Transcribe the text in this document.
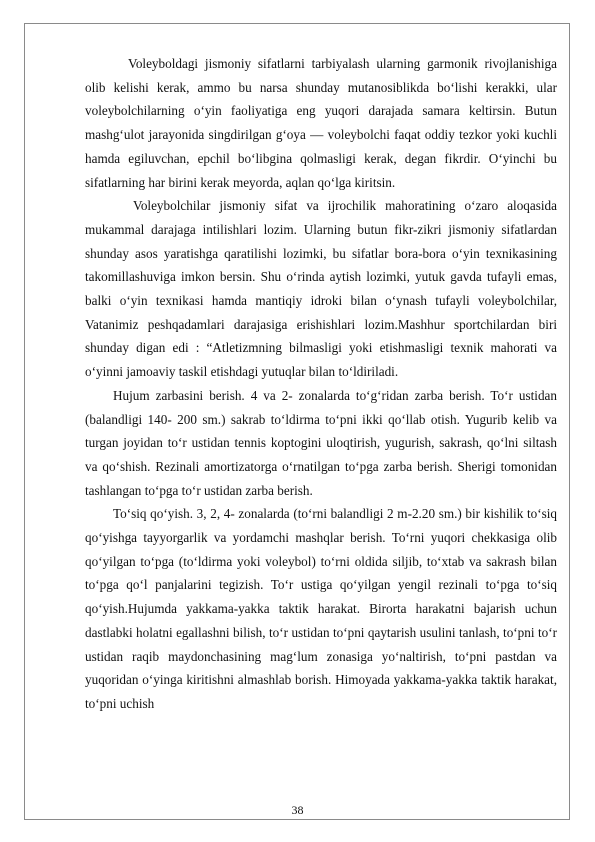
Voleyboldagi jismoniy sifatlarni tarbiyalash ularning garmonik rivojlanishiga olib kelishi kerak, ammo bu narsa shunday mutanosiblikda bo‘lishi kerakki, ular voleybolchilarning o‘yin faoliyatiga eng yuqori darajada samara keltirsin. Butun mashg‘ulot jarayonida singdirilgan g‘oya — voleybolchi faqat oddiy tezkor yoki kuchli hamda egiluvchan, epchil bo‘libgina qolmasligi kerak, degan fikrdir. O‘yinchi bu sifatlarning har birini kerak meyorda, aqlan qo‘lga kiritsin.

Voleybolchilar jismoniy sifat va ijrochilik mahoratining o‘zaro aloqasida mukammal darajaga intilishlari lozim. Ularning butun fikr-zikri jismoniy sifatlardan shunday asos yaratishga qaratilishi lozimki, bu sifatlar bora-bora o‘yin texnikasining takomillashuviga imkon bersin. Shu o‘rinda aytish lozimki, yutuk gavda tufayli emas, balki o‘yin texnikasi hamda mantiqiy idroki bilan o‘ynash tufayli voleybolchilar, Vatanimiz peshqadamlari darajasiga erishishlari lozim.Mashhur sportchilardan biri shunday digan edi : “Atletizmning bilmasligi yoki etishmasligi texnik mahorati va o‘yinni jamoaviy taskil etishdagi yutuqlar bilan to‘ldiriladi.

Hujum zarbasini berish. 4 va 2- zonalarda to‘g‘ridan zarba berish. To‘r ustidan (balandligi 140- 200 sm.) sakrab to‘ldirma to‘pni ikki qo‘llab otish. Yugurib kelib va turgan joyidan to‘r ustidan tennis koptogini uloqtirish, yugurish, sakrash, qo‘lni siltash va qo‘shish. Rezinali amortizatorga o‘rnatilgan to‘pga zarba berish. Sherigi tomonidan tashlangan to‘pga to‘r ustidan zarba berish.

To‘siq qo‘yish. 3, 2, 4- zonalarda (to‘rni balandligi 2 m-2.20 sm.) bir kishilik to‘siq qo‘yishga tayyorgarlik va yordamchi mashqlar berish. To‘rni yuqori chekkasiga olib qo‘yilgan to‘pga (to‘ldirma yoki voleybol) to‘rni oldida siljib, to‘xtab va sakrash bilan to‘pga qo‘l panjalarini tegizish. To‘r ustiga qo‘yilgan yengil rezinali to‘pga to‘siq qo‘yish.Hujumda yakkama-yakka taktik harakat. Birorta harakatni bajarish uchun dastlabki holatni egallashni bilish, to‘r ustidan to‘pni qaytarish usulini tanlash, to‘pni to‘r ustidan raqib maydonchasining mag‘lum zonasiga yo‘naltirish, to‘pni pastdan va yuqoridan o‘yinga kiritishni almashlab borish. Himoyada yakkama-yakka taktik harakat, to‘pni uchish

38
